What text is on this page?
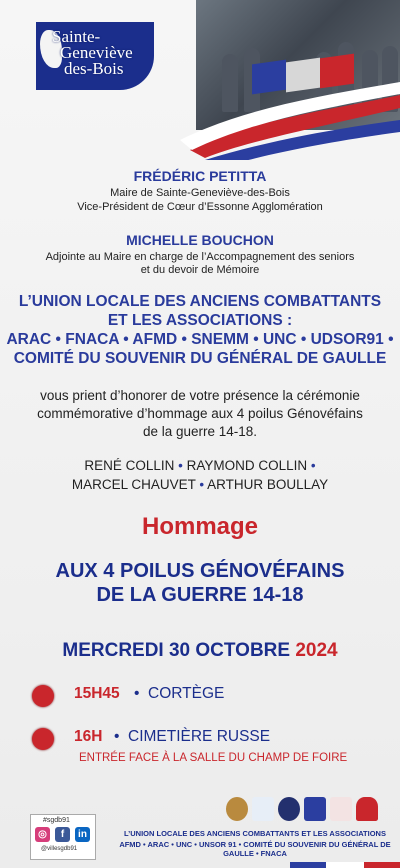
Sainte-
Geneviève
des-Bois
FRÉDÉRIC PETITTA
Maire de Sainte-Geneviève-des-Bois
Vice-Président de Cœur d’Essonne Agglomération
MICHELLE BOUCHON
Adjointe au Maire en charge de l’Accompagnement des seniors
et du devoir de Mémoire
L’UNION LOCALE DES ANCIENS COMBATTANTS
ET LES ASSOCIATIONS :
ARAC • FNACA • AFMD • SNEMM • UNC • UDSOR91 •
COMITÉ DU SOUVENIR DU GÉNÉRAL DE GAULLE
vous prient d’honorer de votre présence la cérémonie
commémorative d’hommage aux 4 poilus Génovéfains
de la guerre 14-18.
RENÉ COLLIN • RAYMOND COLLIN •
MARCEL CHAUVET • ARTHUR BOULLAY
Hommage
AUX 4 POILUS GÉNOVÉFAINS
DE LA GUERRE 14-18
MERCREDI 30 OCTOBRE 2024
15H45 • CORTÈGE
16H • CIMETIÈRE RUSSE
ENTRÉE FACE À LA SALLE DU CHAMP DE FOIRE
#sgdb91
◎	f	in
@villesgdb91
L’UNION LOCALE DES ANCIENS COMBATTANTS ET LES ASSOCIATIONS
AFMD • ARAC • UNC • UNSOR 91 • COMITÉ DU SOUVENIR DU GÉNÉRAL DE GAULLE • FNACA
